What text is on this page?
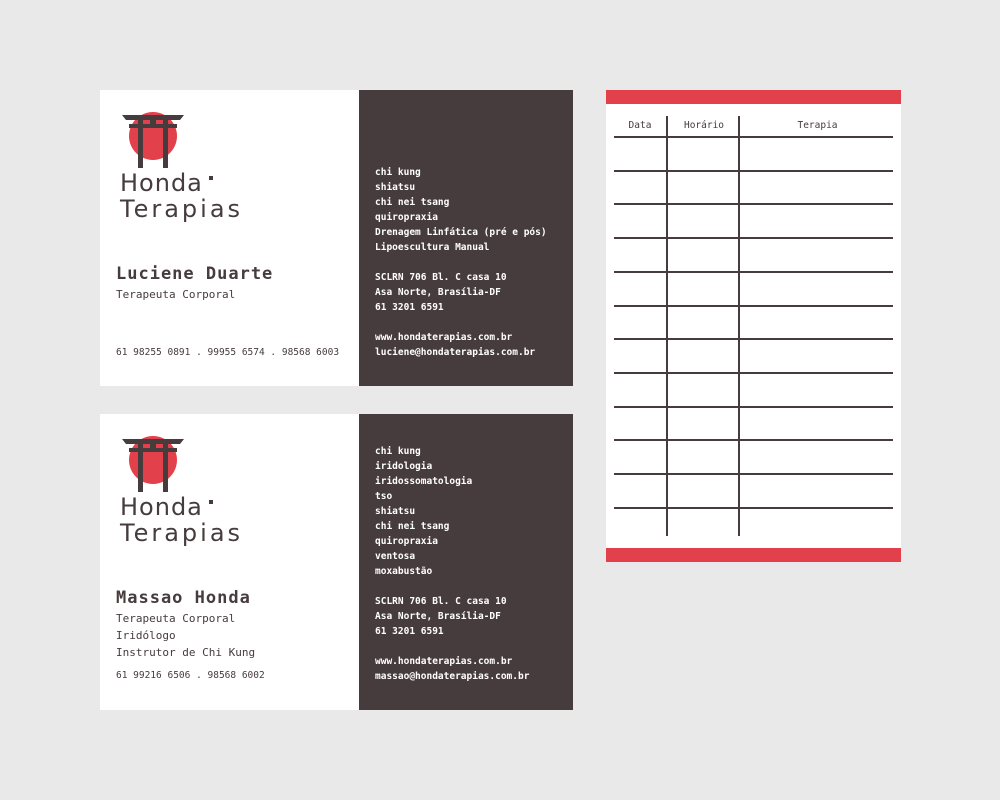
Honda
Terapias
Luciene Duarte
Terapeuta Corporal
61 98255 0891 . 99955 6574 . 98568 6003
chi kung
shiatsu
chi nei tsang
quiropraxia
Drenagem Linfática (pré e pós)
Lipoescultura Manual
SCLRN 706 Bl. C casa 10
Asa Norte, Brasília-DF
61 3201 6591
www.hondaterapias.com.br
luciene@hondaterapias.com.br
Honda
Terapias
Massao Honda
Terapeuta Corporal
Iridólogo
Instrutor de Chi Kung
61 99216 6506 . 98568 6002
chi kung
iridologia
iridossomatologia
tso
shiatsu
chi nei tsang
quiropraxia
ventosa
moxabustão
SCLRN 706 Bl. C casa 10
Asa Norte, Brasília-DF
61 3201 6591
www.hondaterapias.com.br
massao@hondaterapias.com.br
Data	Horário	Terapia
